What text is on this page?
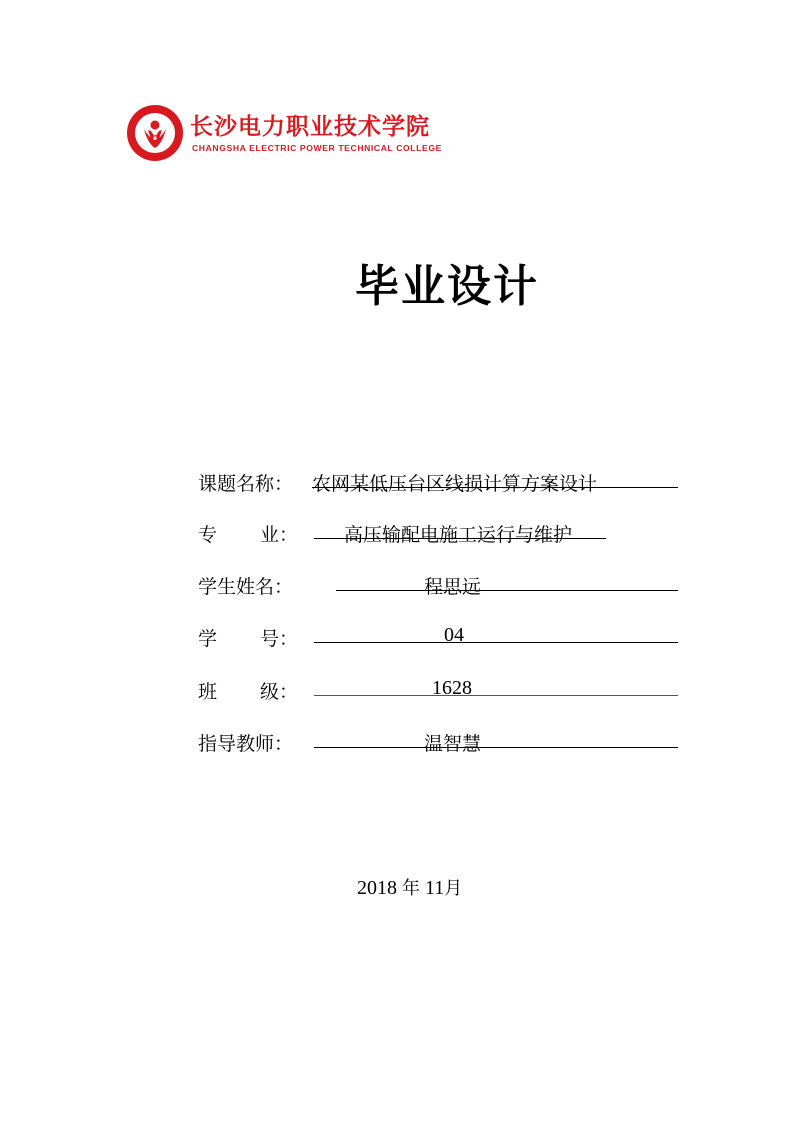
长沙电力职业技术学院
CHANGSHA ELECTRIC POWER TECHNICAL COLLEGE
毕业设计
课题名称： 农网某低压台区线损计算方案设计
专 业： 高压输配电施工运行与维护
学生姓名：	程思远
学 号：	04
班 级：	1628
指导教师：	温智慧
2018 年 11月
